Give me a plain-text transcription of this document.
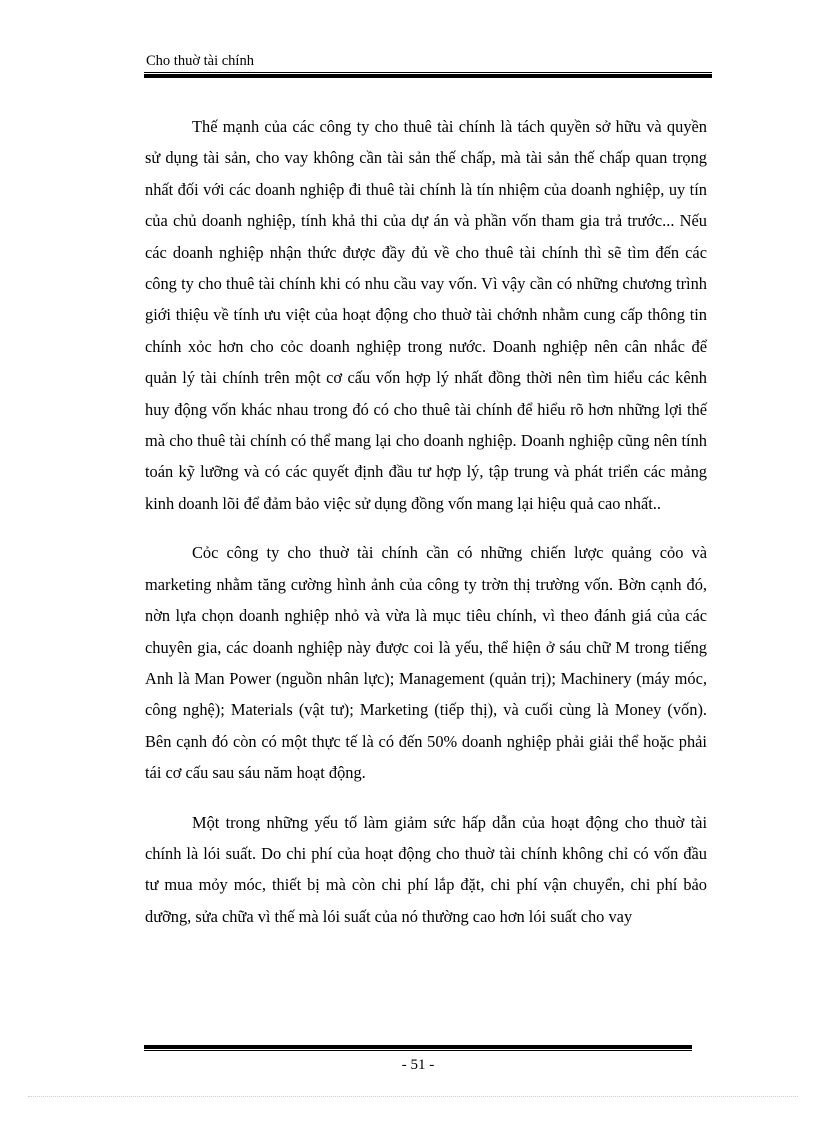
Cho thuờ tài chính

Thế mạnh của các công ty cho thuê tài chính là tách quyền sở hữu và quyền sử dụng tài sản, cho vay không cần tài sản thế chấp, mà tài sản thế chấp quan trọng nhất đối với các doanh nghiệp đi thuê tài chính là tín nhiệm của doanh nghiệp, uy tín của chủ doanh nghiệp, tính khả thi của dự án và phần vốn tham gia trả trước... Nếu các doanh nghiệp nhận thức được đầy đủ về cho thuê tài chính thì sẽ tìm đến các công ty cho thuê tài chính khi có nhu cầu vay vốn. Vì vậy cần có những chương trình giới thiệu về tính ưu việt của hoạt động cho thuờ tài chớnh nhằm cung cấp thông tin chính xỏc hơn cho cỏc doanh nghiệp trong nước. Doanh nghiệp nên cân nhắc để quản lý tài chính trên một cơ cấu vốn hợp lý nhất đồng thời nên tìm hiểu các kênh huy động vốn khác nhau trong đó có cho thuê tài chính để hiểu rõ hơn những lợi thế mà cho thuê tài chính có thể mang lại cho doanh nghiệp. Doanh nghiệp cũng nên tính toán kỹ lưỡng và có các quyết định đầu tư hợp lý, tập trung và phát triển các mảng kinh doanh lõi để đảm bảo việc sử dụng đồng vốn mang lại hiệu quả cao nhất..

Cỏc công ty cho thuờ tài chính cần có những chiến lược quảng cỏo và marketing nhằm tăng cường hình ảnh của công ty trờn thị trường vốn. Bờn cạnh đó, nờn lựa chọn doanh nghiệp nhỏ và vừa là mục tiêu chính, vì theo đánh giá của các chuyên gia, các doanh nghiệp này được coi là yếu, thể hiện ở sáu chữ M trong tiếng Anh là Man Power (nguồn nhân lực); Management (quản trị); Machinery (máy móc, công nghệ); Materials (vật tư); Marketing (tiếp thị), và cuối cùng là Money (vốn). Bên cạnh đó còn có một thực tế là có đến 50% doanh nghiệp phải giải thể hoặc phải tái cơ cấu sau sáu năm hoạt động.

Một trong những yếu tố làm giảm sức hấp dẫn của hoạt động cho thuờ tài chính là lói suất. Do chi phí của hoạt động cho thuờ tài chính không chỉ có vốn đầu tư mua mỏy móc, thiết bị mà còn chi phí lắp đặt, chi phí vận chuyển, chi phí bảo dưỡng, sửa chữa vì thế mà lói suất của nó thường cao hơn lói suất cho vay

- 51 -
